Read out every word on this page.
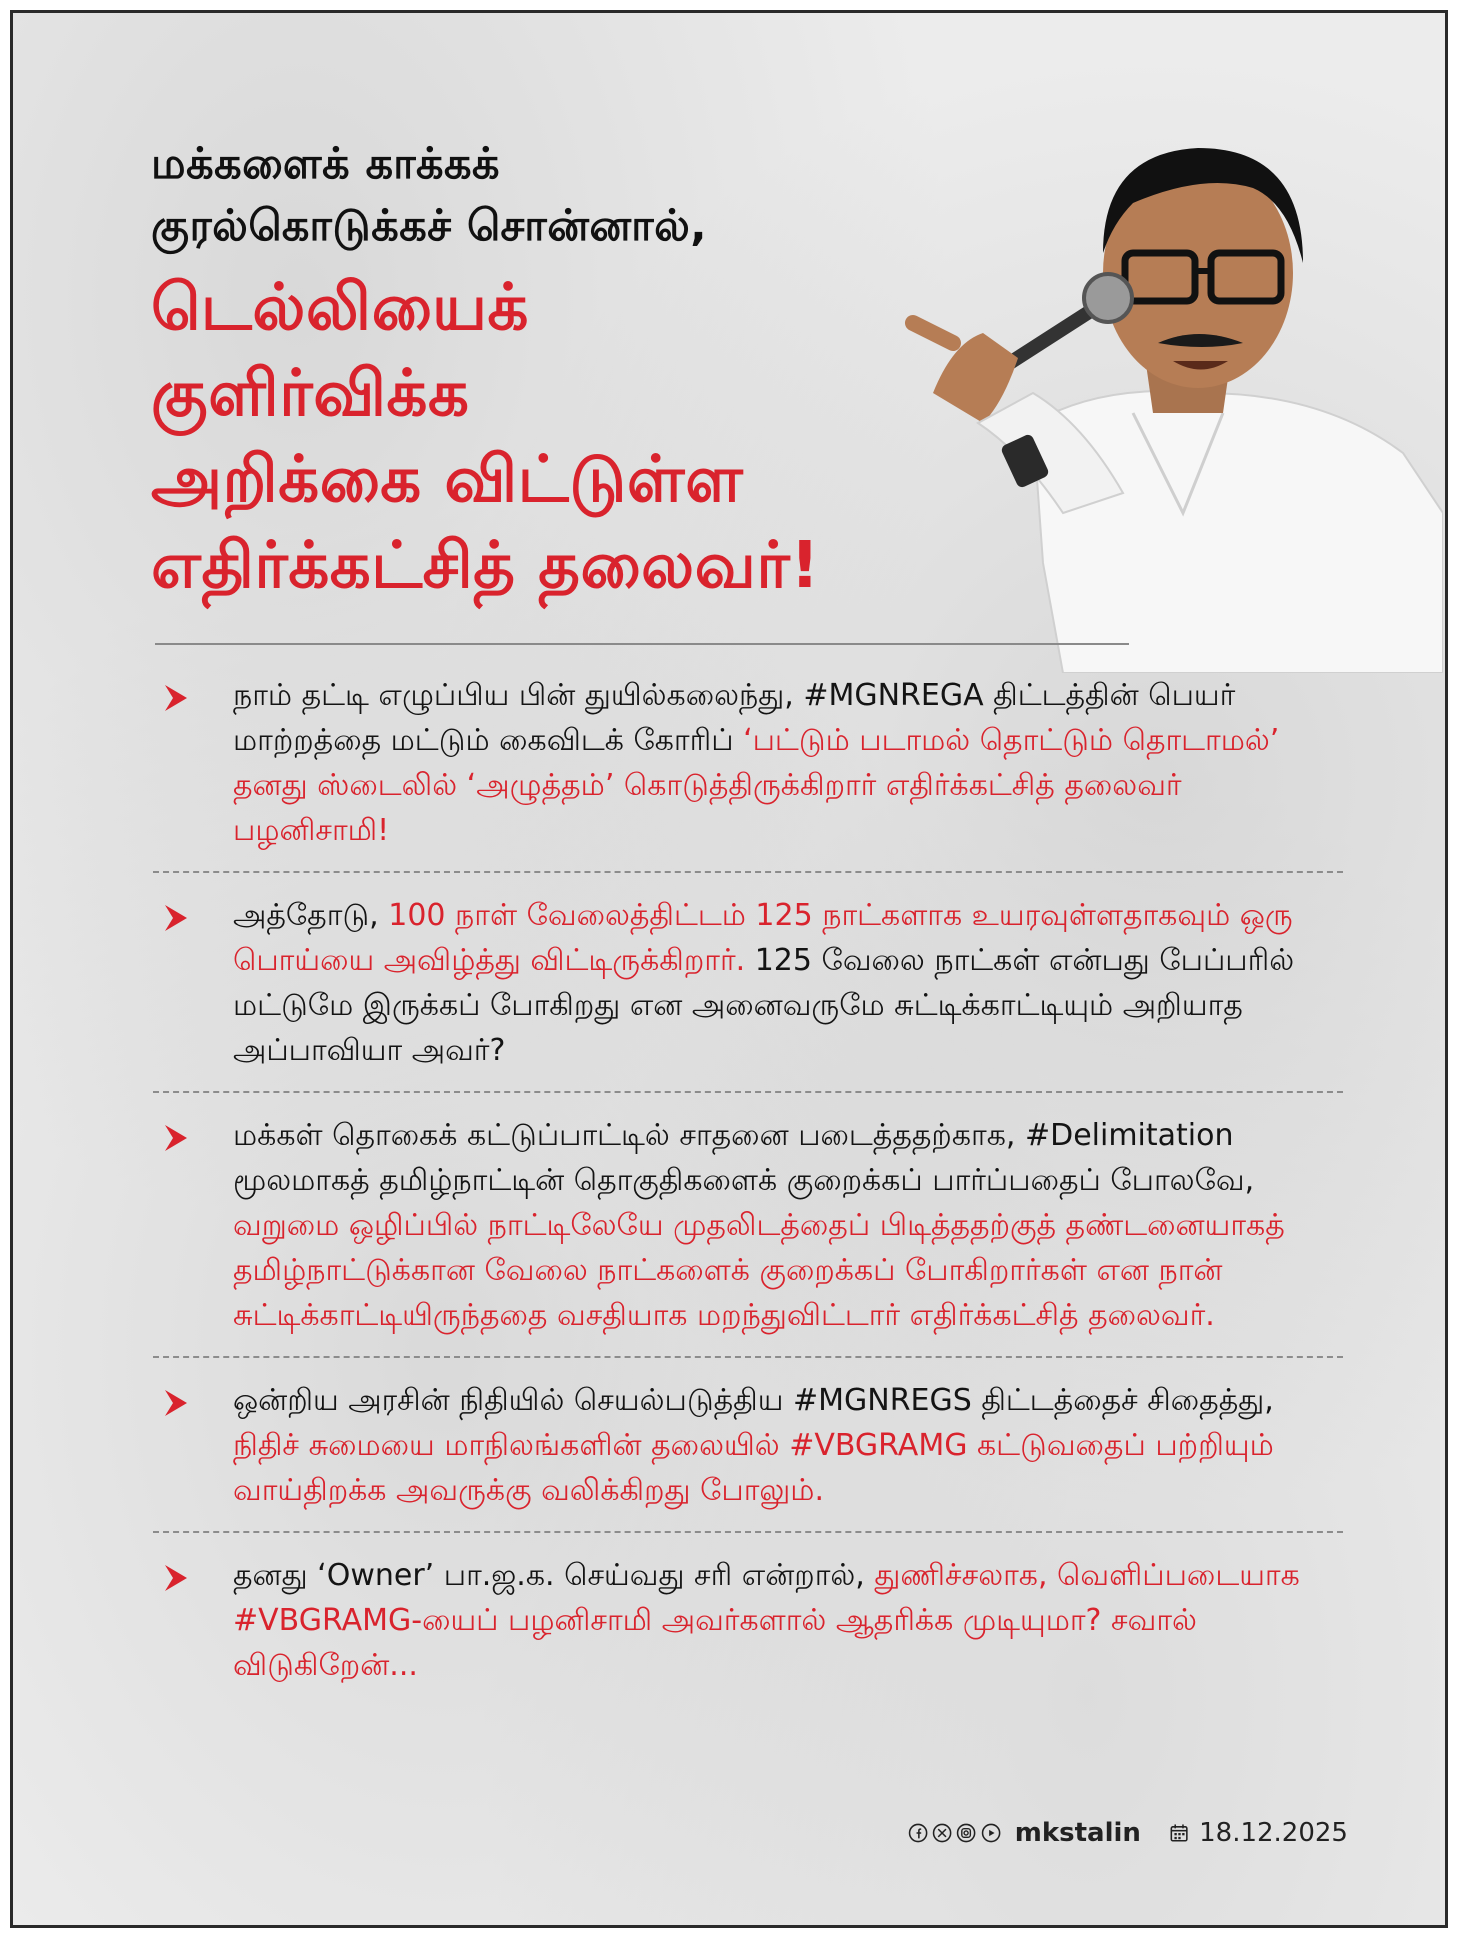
மக்களைக் காக்கக்
குரல்கொடுக்கச் சொன்னால்,
டெல்லியைக்
குளிர்விக்க
அறிக்கை விட்டுள்ள
எதிர்க்கட்சித் தலைவர்!
நாம் தட்டி எழுப்பிய பின் துயில்கலைந்து, #MGNREGA திட்டத்தின் பெயர் மாற்றத்தை மட்டும் கைவிடக் கோரிப் ‘பட்டும் படாமல் தொட்டும் தொடாமல்’ தனது ஸ்டைலில் ‘அழுத்தம்’ கொடுத்திருக்கிறார் எதிர்க்கட்சித் தலைவர் பழனிசாமி!
அத்தோடு, 100 நாள் வேலைத்திட்டம் 125 நாட்களாக உயரவுள்ளதாகவும் ஒரு பொய்யை அவிழ்த்து விட்டிருக்கிறார். 125 வேலை நாட்கள் என்பது பேப்பரில் மட்டுமே இருக்கப் போகிறது என அனைவருமே சுட்டிக்காட்டியும் அறியாத அப்பாவியா அவர்?
மக்கள் தொகைக் கட்டுப்பாட்டில் சாதனை படைத்ததற்காக, #Delimitation மூலமாகத் தமிழ்நாட்டின் தொகுதிகளைக் குறைக்கப் பார்ப்பதைப் போலவே, வறுமை ஒழிப்பில் நாட்டிலேயே முதலிடத்தைப் பிடித்ததற்குத் தண்டனையாகத் தமிழ்நாட்டுக்கான வேலை நாட்களைக் குறைக்கப் போகிறார்கள் என நான் சுட்டிக்காட்டியிருந்ததை வசதியாக மறந்துவிட்டார் எதிர்க்கட்சித் தலைவர்.
ஒன்றிய அரசின் நிதியில் செயல்படுத்திய #MGNREGS திட்டத்தைச் சிதைத்து, நிதிச் சுமையை மாநிலங்களின் தலையில் #VBGRAMG கட்டுவதைப் பற்றியும் வாய்திறக்க அவருக்கு வலிக்கிறது போலும்.
தனது ‘Owner’ பா.ஜ.க. செய்வது சரி என்றால், துணிச்சலாக, வெளிப்படையாக #VBGRAMG-யைப் பழனிசாமி அவர்களால் ஆதரிக்க முடியுமா? சவால் விடுகிறேன்...
mkstalin 18.12.2025
